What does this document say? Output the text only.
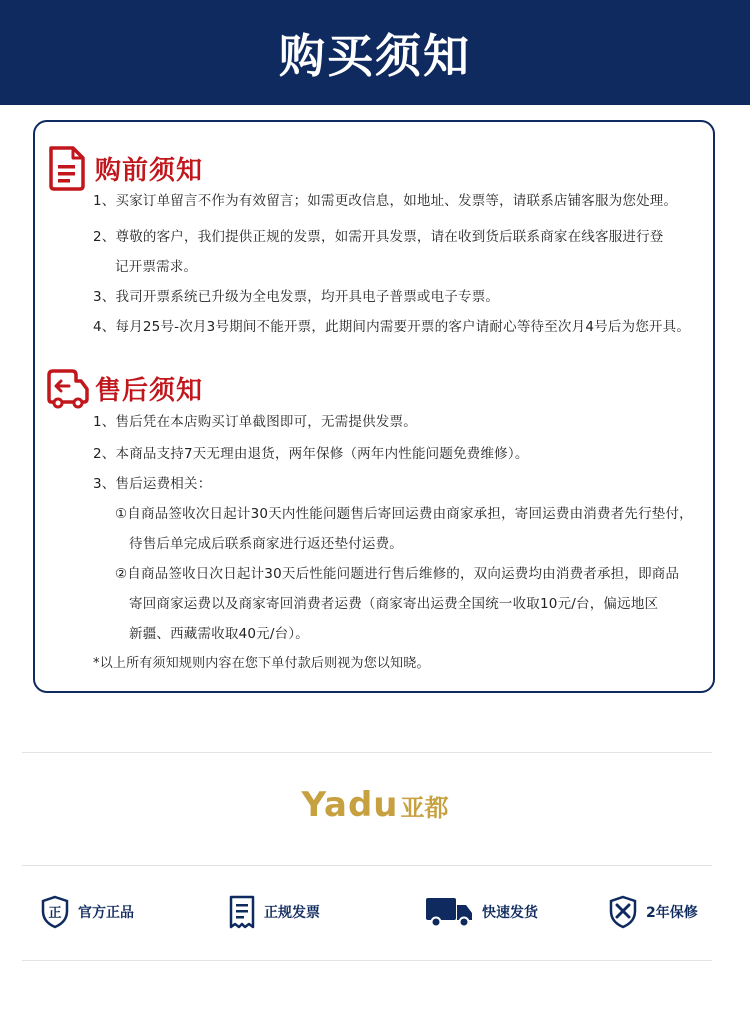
购买须知
购前须知
1、买家订单留言不作为有效留言；如需更改信息，如地址、发票等，请联系店铺客服为您处理。
2、尊敬的客户，我们提供正规的发票，如需开具发票，请在收到货后联系商家在线客服进行登
记开票需求。
3、我司开票系统已升级为全电发票，均开具电子普票或电子专票。
4、每月25号-次月3号期间不能开票，此期间内需要开票的客户请耐心等待至次月4号后为您开具。
售后须知
1、售后凭在本店购买订单截图即可，无需提供发票。
2、本商品支持7天无理由退货，两年保修（两年内性能问题免费维修）。
3、售后运费相关：
①自商品签收次日起计30天内性能问题售后寄回运费由商家承担，寄回运费由消费者先行垫付，
待售后单完成后联系商家进行返还垫付运费。
②自商品签收日次日起计30天后性能问题进行售后维修的，双向运费均由消费者承担，即商品
寄回商家运费以及商家寄回消费者运费（商家寄出运费全国统一收取10元/台，偏远地区
新疆、西藏需收取40元/台）。
*以上所有须知规则内容在您下单付款后则视为您以知晓。
Yadu 亚都
正 官方正品	正规发票	快速发货	2年保修
